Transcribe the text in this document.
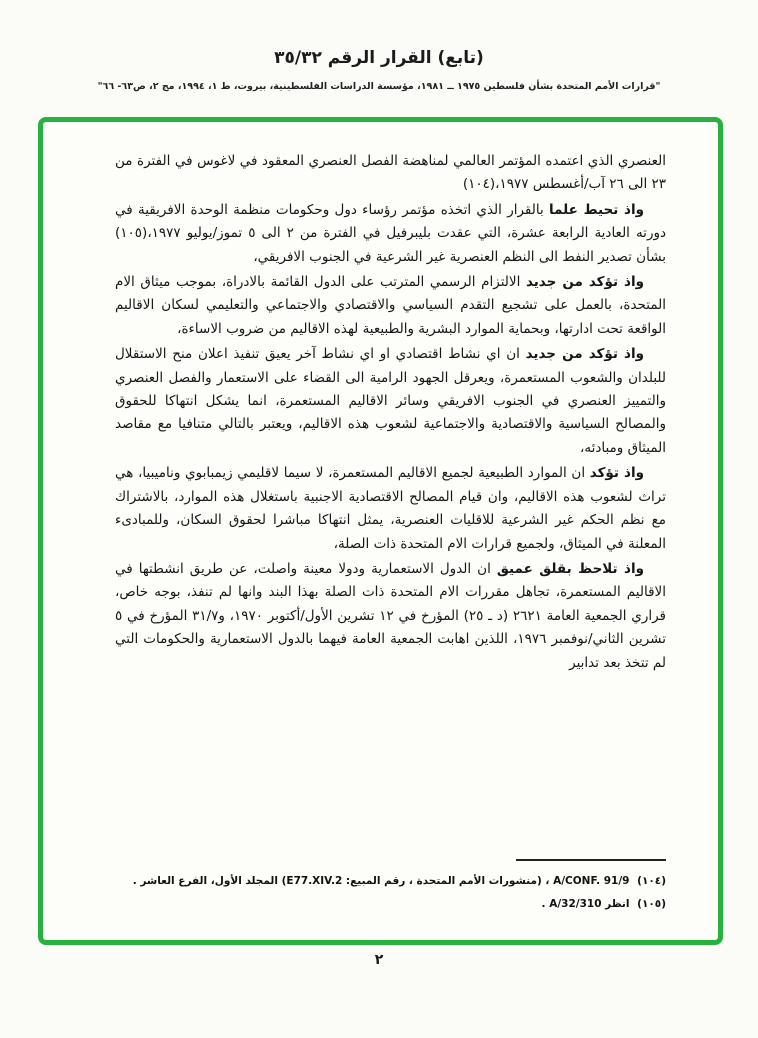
(تابع) القرار الرقم ٣٥/٣٢
"قرارات الأمم المتحدة بشأن فلسطين ١٩٧٥ ــ ١٩٨١، مؤسسة الدراسات الفلسطينية، بيروت، ط ١، ١٩٩٤، مج ٢، ص٦٣- ٦٦"

العنصري الذي اعتمده المؤتمر العالمي لمناهضة الفصل العنصري المعقود في لاغوس في الفترة من ٢٣ الى ٢٦ آب/أغسطس ١٩٧٧،(١٠٤)

واذ تحيط علما بالقرار الذي اتخذه مؤتمر رؤساء دول وحكومات منظمة الوحدة الافريقية في دورته العادية الرابعة عشرة، التي عقدت بليبرفيل في الفترة من ٢ الى ٥ تموز/يوليو ١٩٧٧،(١٠٥) بشأن تصدير النفط الى النظم العنصرية غير الشرعية في الجنوب الافريقي،

واذ تؤكد من جديد الالتزام الرسمي المترتب على الدول القائمة بالادراة، بموجب ميثاق الام المتحدة، بالعمل على تشجيع التقدم السياسي والاقتصادي والاجتماعي والتعليمي لسكان الاقاليم الواقعة تحت ادارتها، وبحماية الموارد البشرية والطبيعية لهذه الاقاليم من ضروب الاساءة،

واذ تؤكد من جديد ان اي نشاط اقتصادي او اي نشاط آخر يعيق تنفيذ اعلان منح الاستقلال للبلدان والشعوب المستعمرة، ويعرقل الجهود الرامية الى القضاء على الاستعمار والفصل العنصري والتمييز العنصري في الجنوب الافريقي وسائر الاقاليم المستعمرة، انما يشكل انتهاكا للحقوق والمصالح السياسية والاقتصادية والاجتماعية لشعوب هذه الاقاليم، ويعتبر بالتالي متنافيا مع مقاصد الميثاق ومبادئه،

واذ تؤكد ان الموارد الطبيعية لجميع الاقاليم المستعمرة، لا سيما لاقليمي زيمبابوي وناميبيا، هي تراث لشعوب هذه الاقاليم، وان قيام المصالح الاقتصادية الاجنبية باستغلال هذه الموارد، بالاشتراك مع نظم الحكم غير الشرعية للاقليات العنصرية، يمثل انتهاكا مباشرا لحقوق السكان، وللمبادىء المعلنة في الميثاق، ولجميع قرارات الام المتحدة ذات الصلة،

واذ تلاحظ بقلق عميق ان الدول الاستعمارية ودولا معينة واصلت، عن طريق انشطتها في الاقاليم المستعمرة، تجاهل مقررات الام المتحدة ذات الصلة بهذا البند وانها لم تنفذ، بوجه خاص، قراري الجمعية العامة ٢٦٢١ (د ـ ٢٥) المؤرخ في ١٢ تشرين الأول/أكتوبر ١٩٧٠، و٣١/٧ المؤرخ في ٥ تشرين الثاني/نوفمبر ١٩٧٦، اللذين اهابت الجمعية العامة فيهما بالدول الاستعمارية والحكومات التي لم تتخذ بعد تدابير

(١٠٤) A/CONF. 91/9 ، (منشورات الأمم المتحدة ، رقم المبيع: E77.XIV.2) المجلد الأول، الفرع العاشر .
(١٠٥) انظر A/32/310 .
٢
